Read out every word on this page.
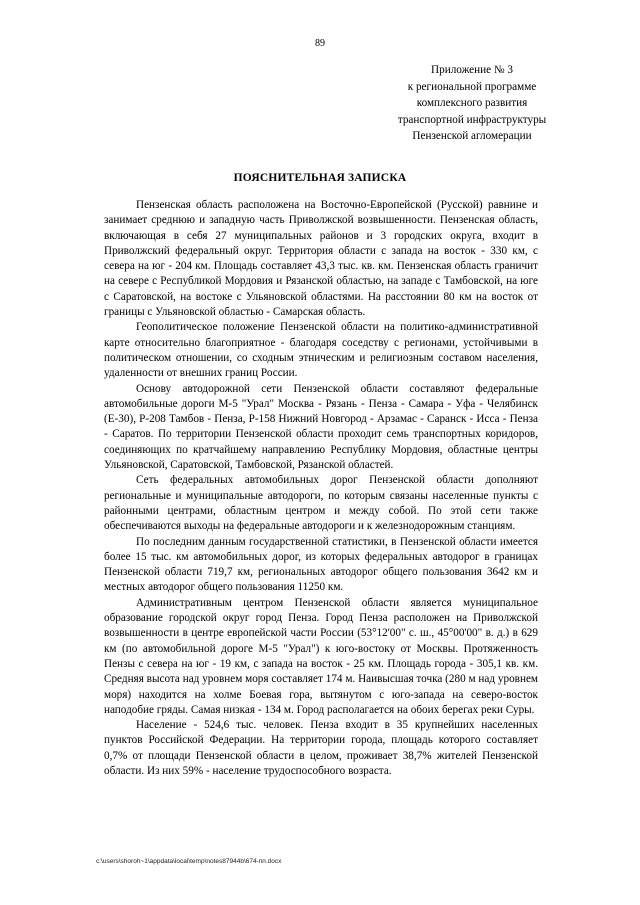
89
Приложение № 3
к региональной программе
комплексного развития
транспортной инфраструктуры
Пензенской агломерации
ПОЯСНИТЕЛЬНАЯ ЗАПИСКА

Пензенская область расположена на Восточно-Европейской (Русской) равнине и занимает среднюю и западную часть Приволжской возвышенности. Пензенская область, включающая в себя 27 муниципальных районов и 3 городских округа, входит в Приволжский федеральный округ. Территория области с запада на восток - 330 км, с севера на юг - 204 км. Площадь составляет 43,3 тыс. кв. км. Пензенская область граничит на севере с Республикой Мордовия и Рязанской областью, на западе с Тамбовской, на юге с Саратовской, на востоке с Ульяновской областями. На расстоянии 80 км на восток от границы с Ульяновской областью - Самарская область.

Геополитическое положение Пензенской области на политико-административной карте относительно благоприятное - благодаря соседству с регионами, устойчивыми в политическом отношении, со сходным этническим и религиозным составом населения, удаленности от внешних границ России.

Основу автодорожной сети Пензенской области составляют федеральные автомобильные дороги М-5 "Урал" Москва - Рязань - Пенза - Самара - Уфа - Челябинск (Е-30), Р-208 Тамбов - Пенза, Р-158 Нижний Новгород - Арзамас - Саранск - Исса - Пенза - Саратов. По территории Пензенской области проходит семь транспортных коридоров, соединяющих по кратчайшему направлению Республику Мордовия, областные центры Ульяновской, Саратовской, Тамбовской, Рязанской областей.

Сеть федеральных автомобильных дорог Пензенской области дополняют региональные и муниципальные автодороги, по которым связаны населенные пункты с районными центрами, областным центром и между собой. По этой сети также обеспечиваются выходы на федеральные автодороги и к железнодорожным станциям.

По последним данным государственной статистики, в Пензенской области имеется более 15 тыс. км автомобильных дорог, из которых федеральных автодорог в границах Пензенской области 719,7 км, региональных автодорог общего пользования 3642 км и местных автодорог общего пользования 11250 км.

Административным центром Пензенской области является муниципальное образование городской округ город Пенза. Город Пенза расположен на Приволжской возвышенности в центре европейской части России (53°12'00" с. ш., 45°00'00" в. д.) в 629 км (по автомобильной дороге М-5 "Урал") к юго-востоку от Москвы. Протяженность Пензы с севера на юг - 19 км, с запада на восток - 25 км. Площадь города - 305,1 кв. км. Средняя высота над уровнем моря составляет 174 м. Наивысшая точка (280 м над уровнем моря) находится на холме Боевая гора, вытянутом с юго-запада на северо-восток наподобие гряды. Самая низкая - 134 м. Город располагается на обоих берегах реки Суры.

Население - 524,6 тыс. человек. Пенза входит в 35 крупнейших населенных пунктов Российской Федерации. На территории города, площадь которого составляет 0,7% от площади Пензенской области в целом, проживает 38,7% жителей Пензенской области. Из них 59% - население трудоспособного возраста.

c:\users\shoroh~1\appdata\local\temp\notes87944b\674-пп.docx
